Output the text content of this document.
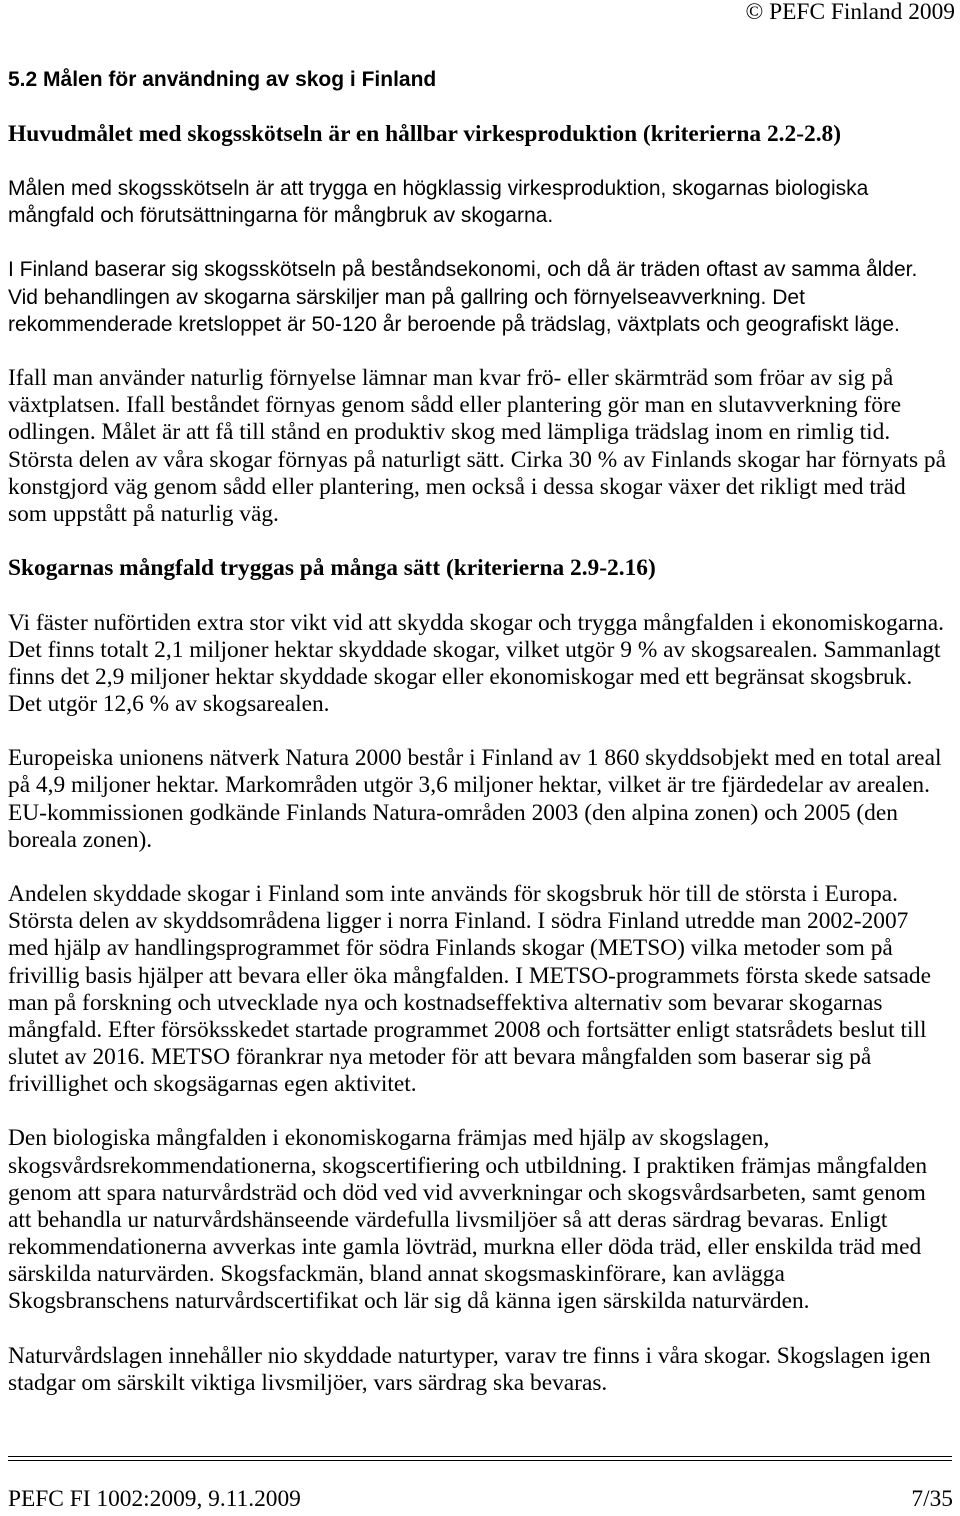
© PEFC Finland 2009
5.2 Målen för användning av skog i Finland
Huvudmålet med skogsskötseln är en hållbar virkesproduktion (kriterierna 2.2-2.8)
Målen med skogsskötseln är att trygga en högklassig virkesproduktion, skogarnas biologiska
mångfald och förutsättningarna för mångbruk av skogarna.
I Finland baserar sig skogsskötseln på beståndsekonomi, och då är träden oftast av samma ålder.
Vid behandlingen av skogarna särskiljer man på gallring och förnyelseavverkning. Det
rekommenderade kretsloppet är 50-120 år beroende på trädslag, växtplats och geografiskt läge.
Ifall man använder naturlig förnyelse lämnar man kvar frö- eller skärmträd som fröar av sig på
växtplatsen. Ifall beståndet förnyas genom sådd eller plantering gör man en slutavverkning före
odlingen. Målet är att få till stånd en produktiv skog med lämpliga trädslag inom en rimlig tid.
Största delen av våra skogar förnyas på naturligt sätt. Cirka 30 % av Finlands skogar har förnyats på
konstgjord väg genom sådd eller plantering, men också i dessa skogar växer det rikligt med träd
som uppstått på naturlig väg.
Skogarnas mångfald tryggas på många sätt (kriterierna 2.9-2.16)
Vi fäster nuförtiden extra stor vikt vid att skydda skogar och trygga mångfalden i ekonomiskogarna.
Det finns totalt 2,1 miljoner hektar skyddade skogar, vilket utgör 9 % av skogsarealen. Sammanlagt
finns det 2,9 miljoner hektar skyddade skogar eller ekonomiskogar med ett begränsat skogsbruk.
Det utgör 12,6 % av skogsarealen.
Europeiska unionens nätverk Natura 2000 består i Finland av 1 860 skyddsobjekt med en total areal
på 4,9 miljoner hektar. Markområden utgör 3,6 miljoner hektar, vilket är tre fjärdedelar av arealen.
EU-kommissionen godkände Finlands Natura-områden 2003 (den alpina zonen) och 2005 (den
boreala zonen).
Andelen skyddade skogar i Finland som inte används för skogsbruk hör till de största i Europa.
Största delen av skyddsområdena ligger i norra Finland. I södra Finland utredde man 2002-2007
med hjälp av handlingsprogrammet för södra Finlands skogar (METSO) vilka metoder som på
frivillig basis hjälper att bevara eller öka mångfalden. I METSO-programmets första skede satsade
man på forskning och utvecklade nya och kostnadseffektiva alternativ som bevarar skogarnas
mångfald. Efter försöksskedet startade programmet 2008 och fortsätter enligt statsrådets beslut till
slutet av 2016. METSO förankrar nya metoder för att bevara mångfalden som baserar sig på
frivillighet och skogsägarnas egen aktivitet.
Den biologiska mångfalden i ekonomiskogarna främjas med hjälp av skogslagen,
skogsvårdsrekommendationerna, skogscertifiering och utbildning. I praktiken främjas mångfalden
genom att spara naturvårdsträd och död ved vid avverkningar och skogsvårdsarbeten, samt genom
att behandla ur naturvårdshänseende värdefulla livsmiljöer så att deras särdrag bevaras. Enligt
rekommendationerna avverkas inte gamla lövträd, murkna eller döda träd, eller enskilda träd med
särskilda naturvärden. Skogsfackmän, bland annat skogsmaskinförare, kan avlägga
Skogsbranschens naturvårdscertifikat och lär sig då känna igen särskilda naturvärden.
Naturvårdslagen innehåller nio skyddade naturtyper, varav tre finns i våra skogar. Skogslagen igen
stadgar om särskilt viktiga livsmiljöer, vars särdrag ska bevaras.
PEFC FI 1002:2009, 9.11.2009	7/35
